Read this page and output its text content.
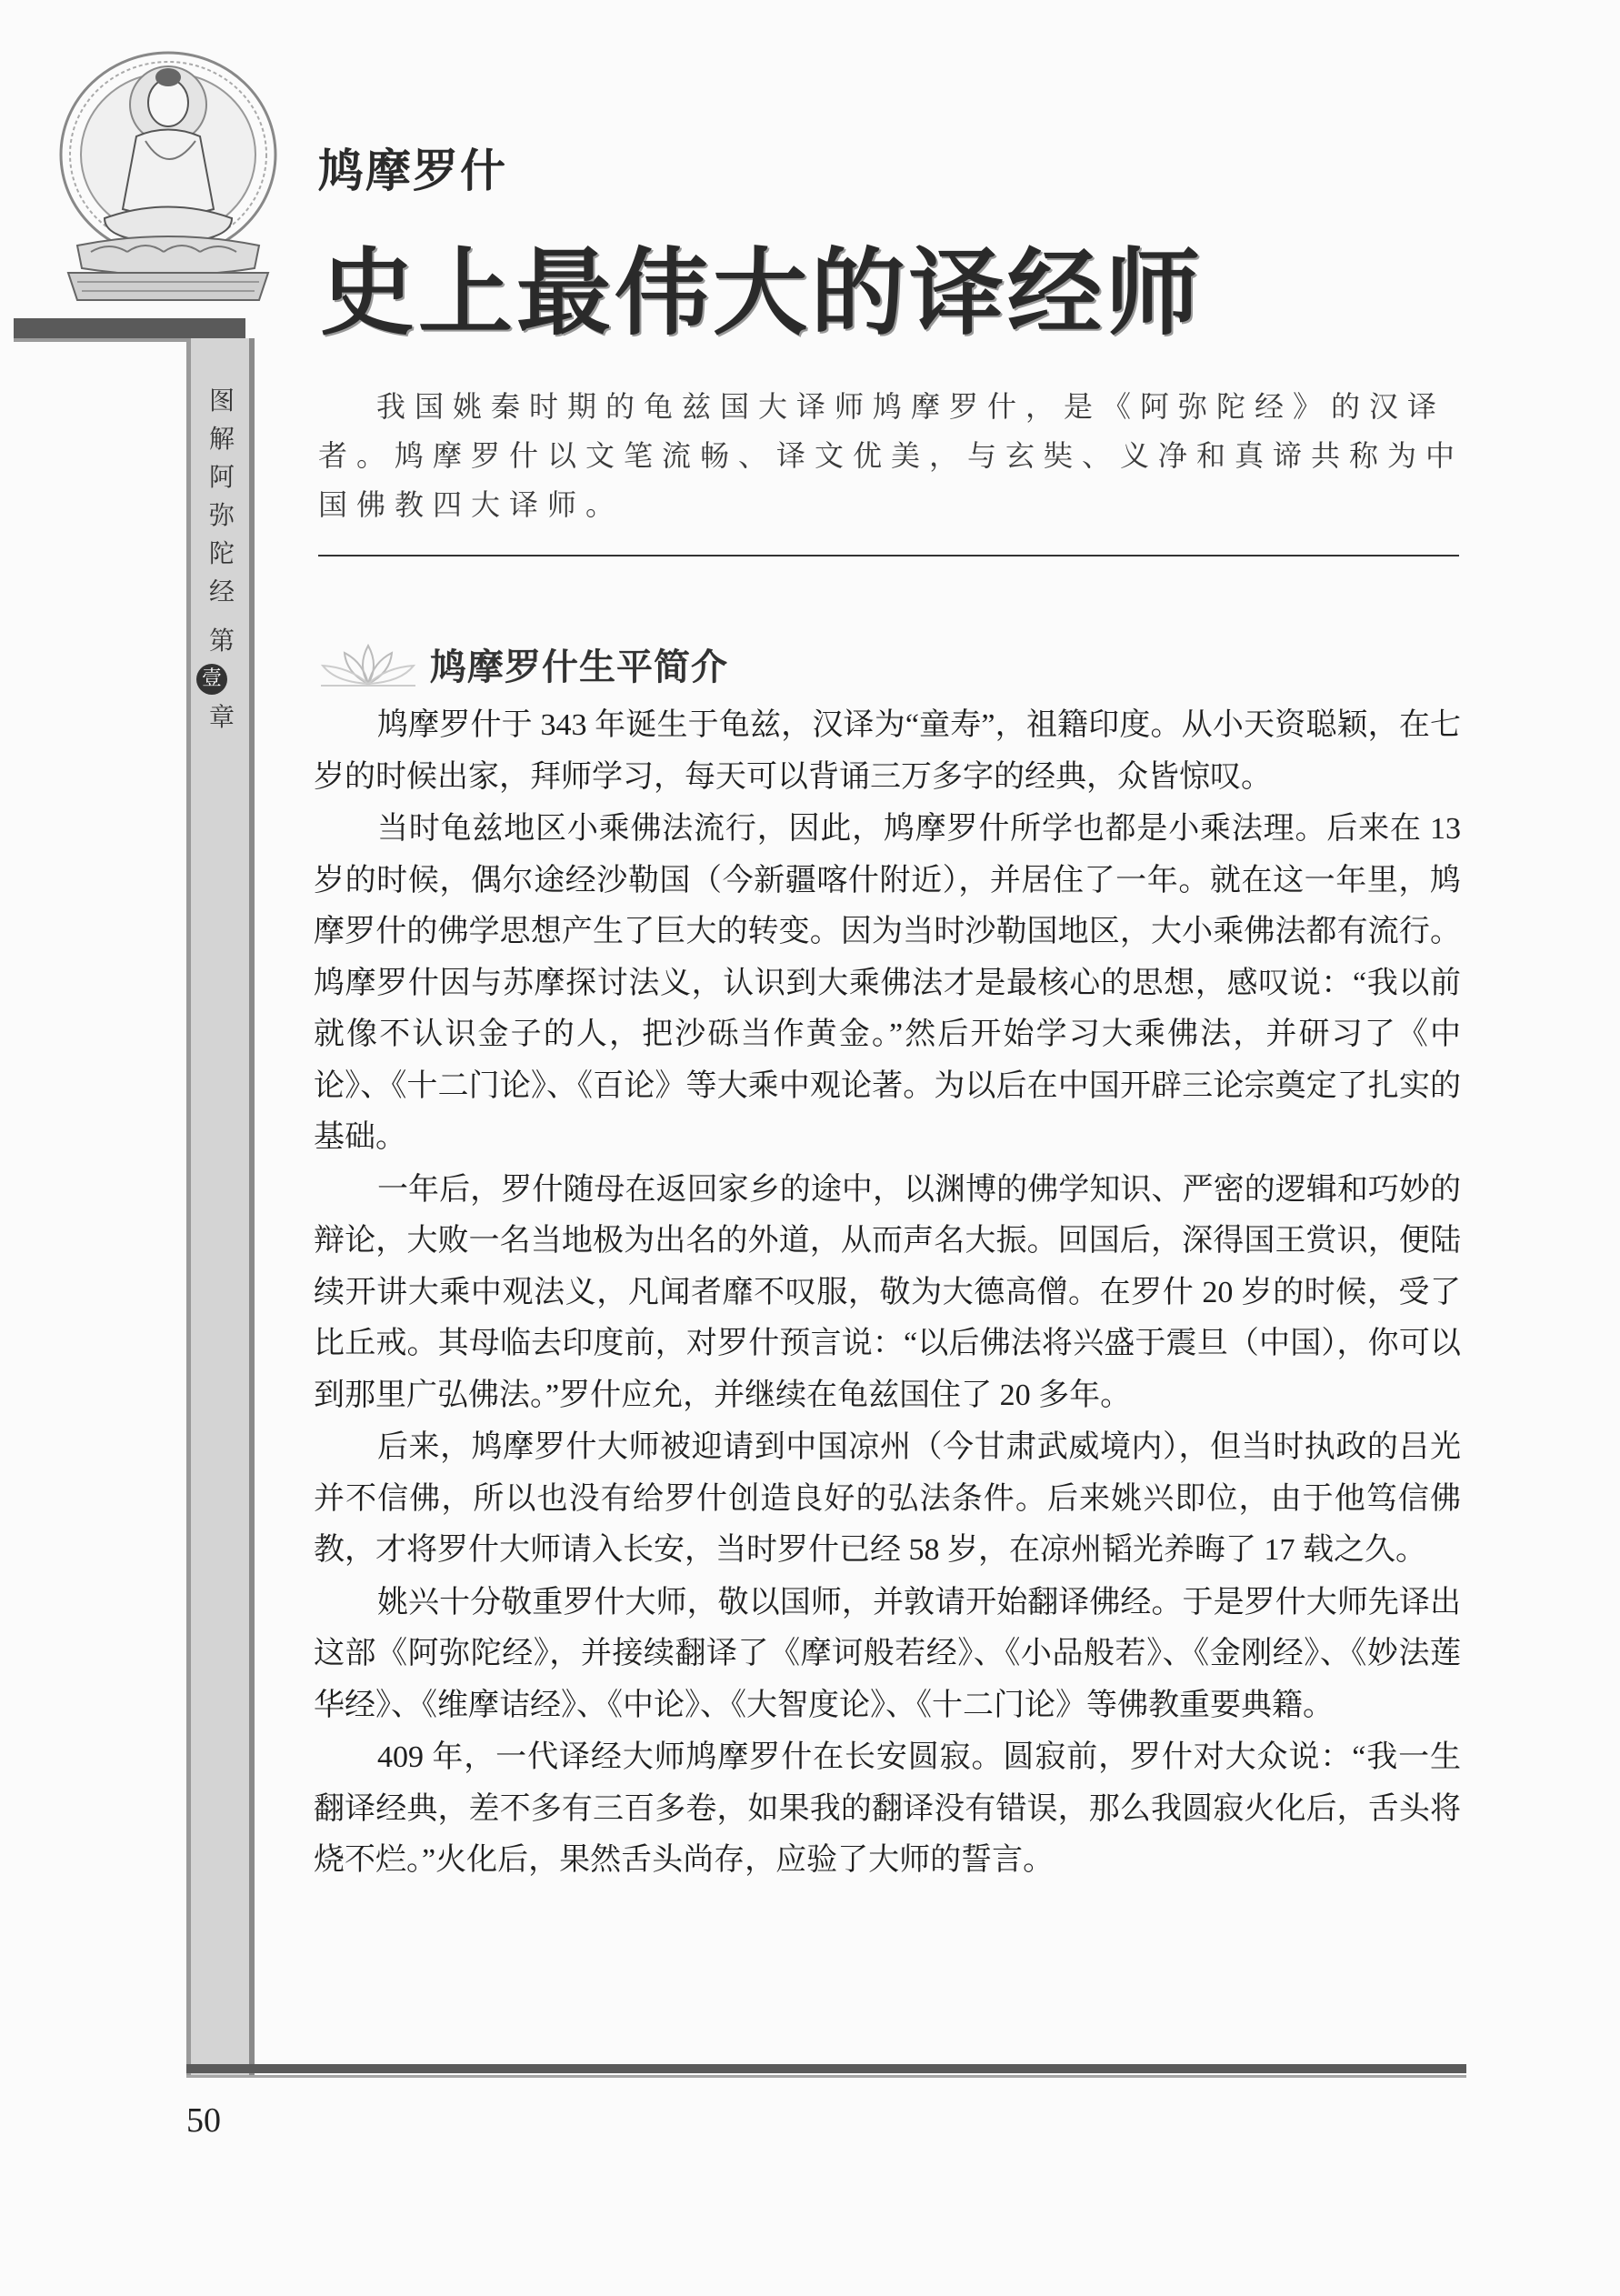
鸠摩罗什
史上最伟大的译经师
图
解
阿
弥
陀
经
第
壹
章
我国姚秦时期的龟兹国大译师鸠摩罗什，是《阿弥陀经》的汉译者。鸠摩罗什以文笔流畅、译文优美，与玄奘、义净和真谛共称为中国佛教四大译师。
鸠摩罗什生平简介

鸠摩罗什于 343 年诞生于龟兹，汉译为“童寿”，祖籍印度。从小天资聪颖，在七岁的时候出家，拜师学习，每天可以背诵三万多字的经典，众皆惊叹。

当时龟兹地区小乘佛法流行，因此，鸠摩罗什所学也都是小乘法理。后来在 13 岁的时候，偶尔途经沙勒国（今新疆喀什附近），并居住了一年。就在这一年里，鸠摩罗什的佛学思想产生了巨大的转变。因为当时沙勒国地区，大小乘佛法都有流行。鸠摩罗什因与苏摩探讨法义，认识到大乘佛法才是最核心的思想，感叹说：“我以前就像不认识金子的人，把沙砾当作黄金。”然后开始学习大乘佛法，并研习了《中论》、《十二门论》、《百论》等大乘中观论著。为以后在中国开辟三论宗奠定了扎实的基础。

一年后，罗什随母在返回家乡的途中，以渊博的佛学知识、严密的逻辑和巧妙的辩论，大败一名当地极为出名的外道，从而声名大振。回国后，深得国王赏识，便陆续开讲大乘中观法义，凡闻者靡不叹服，敬为大德高僧。在罗什 20 岁的时候，受了比丘戒。其母临去印度前，对罗什预言说：“以后佛法将兴盛于震旦（中国），你可以到那里广弘佛法。”罗什应允，并继续在龟兹国住了 20 多年。

后来，鸠摩罗什大师被迎请到中国凉州（今甘肃武威境内），但当时执政的吕光并不信佛，所以也没有给罗什创造良好的弘法条件。后来姚兴即位，由于他笃信佛教，才将罗什大师请入长安，当时罗什已经 58 岁，在凉州韬光养晦了 17 载之久。

姚兴十分敬重罗什大师，敬以国师，并敦请开始翻译佛经。于是罗什大师先译出这部《阿弥陀经》，并接续翻译了《摩诃般若经》、《小品般若》、《金刚经》、《妙法莲华经》、《维摩诘经》、《中论》、《大智度论》、《十二门论》等佛教重要典籍。

409 年，一代译经大师鸠摩罗什在长安圆寂。圆寂前，罗什对大众说：“我一生翻译经典，差不多有三百多卷，如果我的翻译没有错误，那么我圆寂火化后，舌头将烧不烂。”火化后，果然舌头尚存，应验了大师的誓言。

50
